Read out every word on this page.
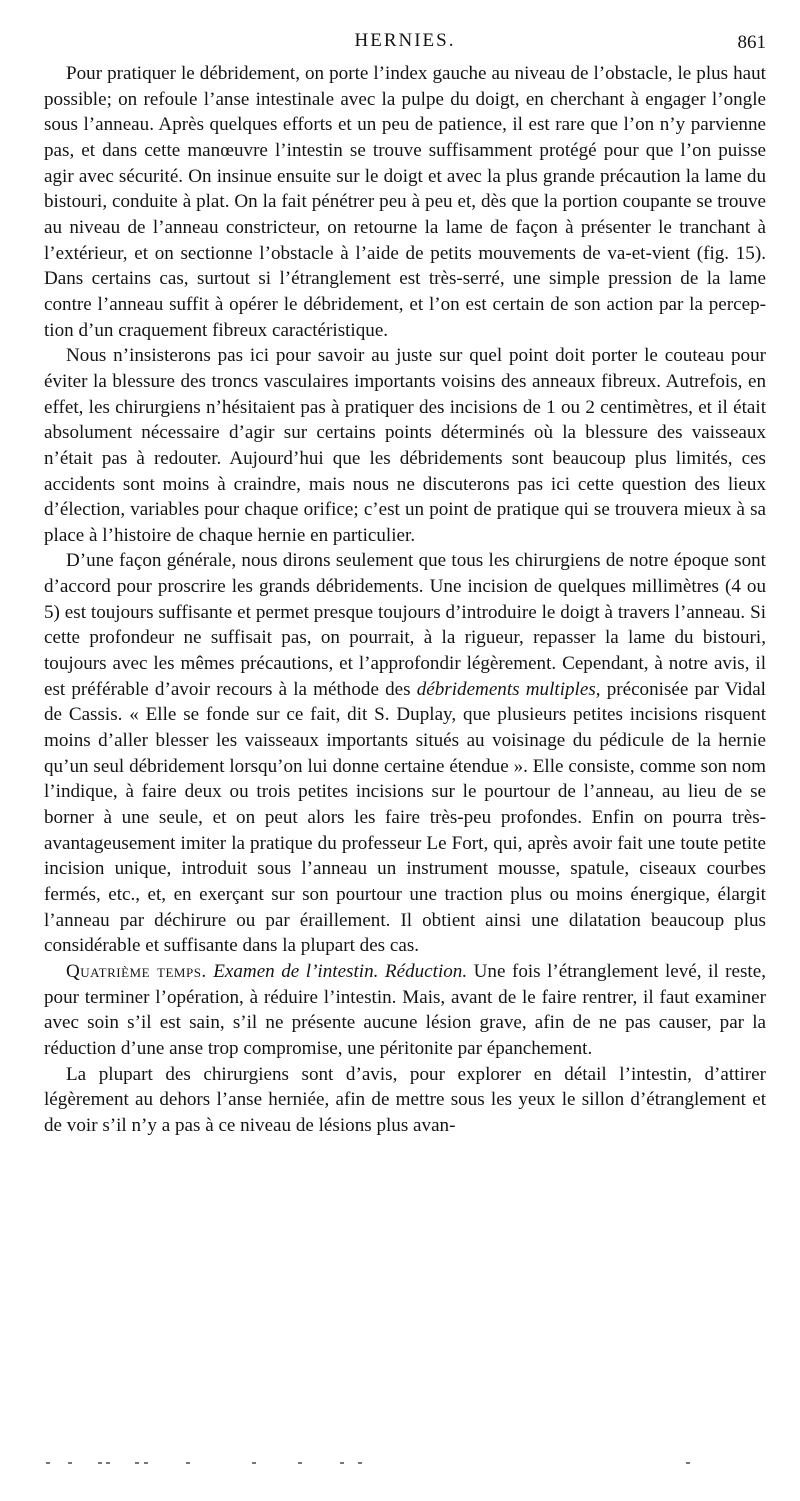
HERNIES.	861

Pour pratiquer le débridement, on porte l’index gauche au niveau de l’obstacle, le plus haut possible; on refoule l’anse intestinale avec la pulpe du doigt, en cherchant à engager l’ongle sous l’anneau. Après quelques efforts et un peu de patience, il est rare que l’on n’y parvienne pas, et dans cette manœuvre l’intestin se trouve suffisamment protégé pour que l’on puisse agir avec sécurité. On insinue ensuite sur le doigt et avec la plus grande précaution la lame du bistouri, conduite à plat. On la fait pénétrer peu à peu et, dès que la portion coupante se trouve au niveau de l’anneau constricteur, on retourne la lame de façon à présenter le tranchant à l’extérieur, et on sectionne l’obstacle à l’aide de petits mouvements de va-et-vient (fig. 15). Dans certains cas, surtout si l’étranglement est très-serré, une simple pression de la lame contre l’anneau suffit à opérer le débridement, et l’on est certain de son action par la perception d’un craquement fibreux caractéristique.

Nous n’insisterons pas ici pour savoir au juste sur quel point doit porter le couteau pour éviter la blessure des troncs vasculaires importants voisins des anneaux fibreux. Autrefois, en effet, les chirurgiens n’hésitaient pas à pratiquer des incisions de 1 ou 2 centimètres, et il était absolument nécessaire d’agir sur certains points déterminés où la blessure des vaisseaux n’était pas à redouter. Aujourd’hui que les débridements sont beaucoup plus limités, ces accidents sont moins à craindre, mais nous ne discuterons pas ici cette question des lieux d’élection, variables pour chaque orifice; c’est un point de pratique qui se trouvera mieux à sa place à l’histoire de chaque hernie en particulier.

D’une façon générale, nous dirons seulement que tous les chirurgiens de notre époque sont d’accord pour proscrire les grands débridements. Une incision de quelques millimètres (4 ou 5) est toujours suffisante et permet presque toujours d’introduire le doigt à travers l’anneau. Si cette profondeur ne suffisait pas, on pourrait, à la rigueur, repasser la lame du bistouri, toujours avec les mêmes précautions, et l’approfondir légèrement. Cependant, à notre avis, il est préférable d’avoir recours à la méthode des débridements multiples, préconisée par Vidal de Cassis. « Elle se fonde sur ce fait, dit S. Duplay, que plusieurs petites incisions risquent moins d’aller blesser les vaisseaux importants situés au voisinage du pédicule de la hernie qu’un seul débridement lorsqu’on lui donne certaine étendue ». Elle consiste, comme son nom l’indique, à faire deux ou trois petites incisions sur le pourtour de l’anneau, au lieu de se borner à une seule, et on peut alors les faire très-peu profondes. Enfin on pourra très-avantageusement imiter la pratique du professeur Le Fort, qui, après avoir fait une toute petite incision unique, introduit sous l’anneau un instrument mousse, spatule, ciseaux courbes fermés, etc., et, en exerçant sur son pourtour une traction plus ou moins énergique, élargit l’anneau par déchirure ou par éraillement. Il obtient ainsi une dilatation beaucoup plus considérable et suffisante dans la plupart des cas.

Quatrième temps. Examen de l’intestin. Réduction. Une fois l’étranglement levé, il reste, pour terminer l’opération, à réduire l’intestin. Mais, avant de le faire rentrer, il faut examiner avec soin s’il est sain, s’il ne présente aucune lésion grave, afin de ne pas causer, par la réduction d’une anse trop compromise, une péritonite par épanchement.

La plupart des chirurgiens sont d’avis, pour explorer en détail l’intestin, d’attirer légèrement au dehors l’anse herniée, afin de mettre sous les yeux le sillon d’étranglement et de voir s’il n’y a pas à ce niveau de lésions plus avan-
